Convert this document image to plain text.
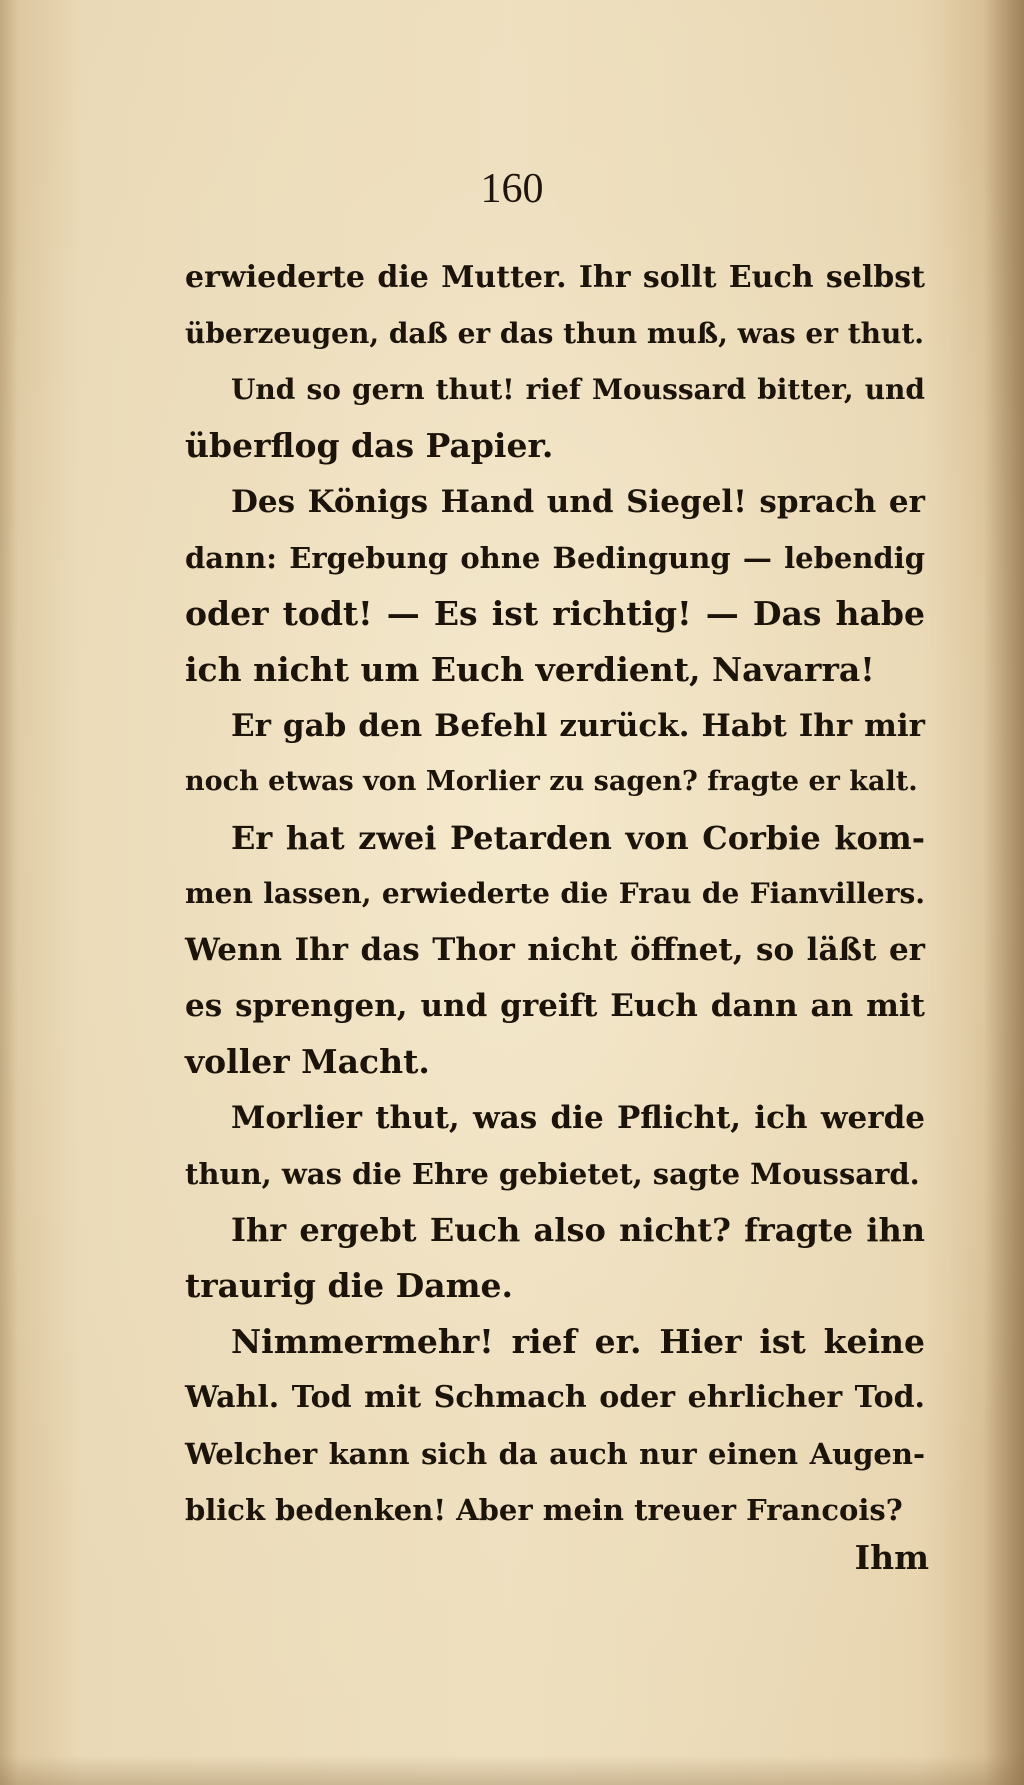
160
erwiederte die Mutter. Ihr sollt Euch selbst
überzeugen, daß er das thun muß, was er thut.
Und so gern thut! rief Moussard bitter, und
überflog das Papier.
Des Königs Hand und Siegel! sprach er
dann: Ergebung ohne Bedingung — lebendig
oder todt! — Es ist richtig! — Das habe
ich nicht um Euch verdient, Navarra!
Er gab den Befehl zurück. Habt Ihr mir
noch etwas von Morlier zu sagen? fragte er kalt.
Er hat zwei Petarden von Corbie kom-
men lassen, erwiederte die Frau de Fianvillers.
Wenn Ihr das Thor nicht öffnet, so läßt er
es sprengen, und greift Euch dann an mit
voller Macht.
Morlier thut, was die Pflicht, ich werde
thun, was die Ehre gebietet, sagte Moussard.
Ihr ergebt Euch also nicht? fragte ihn
traurig die Dame.
Nimmermehr! rief er. Hier ist keine
Wahl. Tod mit Schmach oder ehrlicher Tod.
Welcher kann sich da auch nur einen Augen-
blick bedenken! Aber mein treuer Francois?
Ihm
